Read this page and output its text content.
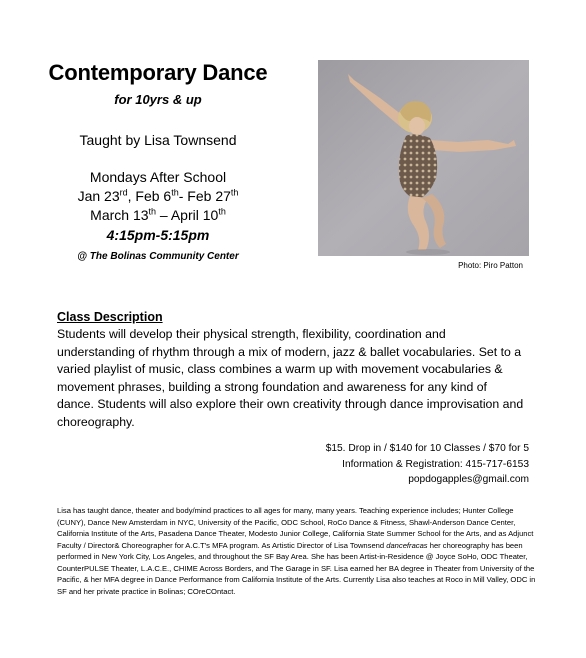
Contemporary Dance
for 10yrs & up
Taught by Lisa Townsend
Mondays After School
Jan 23rd, Feb 6th- Feb 27th
March 13th – April 10th
4:15pm-5:15pm
@ The Bolinas Community Center
Photo: Piro Patton
Class Description
Students will develop their physical strength, flexibility, coordination and understanding of rhythm through a mix of modern, jazz & ballet vocabularies. Set to a varied playlist of music, class combines a warm up with movement vocabularies & movement phrases, building a strong foundation and awareness for any kind of dance. Students will also explore their own creativity through dance improvisation and choreography.
$15. Drop in / $140 for 10 Classes / $70 for 5
Information & Registration: 415-717-6153
popdogapples@gmail.com
Lisa has taught dance, theater and body/mind practices to all ages for many, many years. Teaching experience includes; Hunter College (CUNY), Dance New Amsterdam in NYC, University of the Pacific, ODC School, RoCo Dance & Fitness, Shawl-Anderson Dance Center, California Institute of the Arts, Pasadena Dance Theater, Modesto Junior College, California State Summer School for the Arts, and as Adjunct Faculty / Director& Choreographer for A.C.T's MFA program. As Artistic Director of Lisa Townsend dancefracas her choreography has been performed in New York City, Los Angeles, and throughout the SF Bay Area. She has been Artist-in-Residence @ Joyce SoHo, ODC Theater, CounterPULSE Theater, L.A.C.E., CHIME Across Borders, and The Garage in SF. Lisa earned her BA degree in Theater from University of the Pacific, & her MFA degree in Dance Performance from California Institute of the Arts. Currently Lisa also teaches at Roco in Mill Valley, ODC in SF and her private practice in Bolinas; COreCOntact.
